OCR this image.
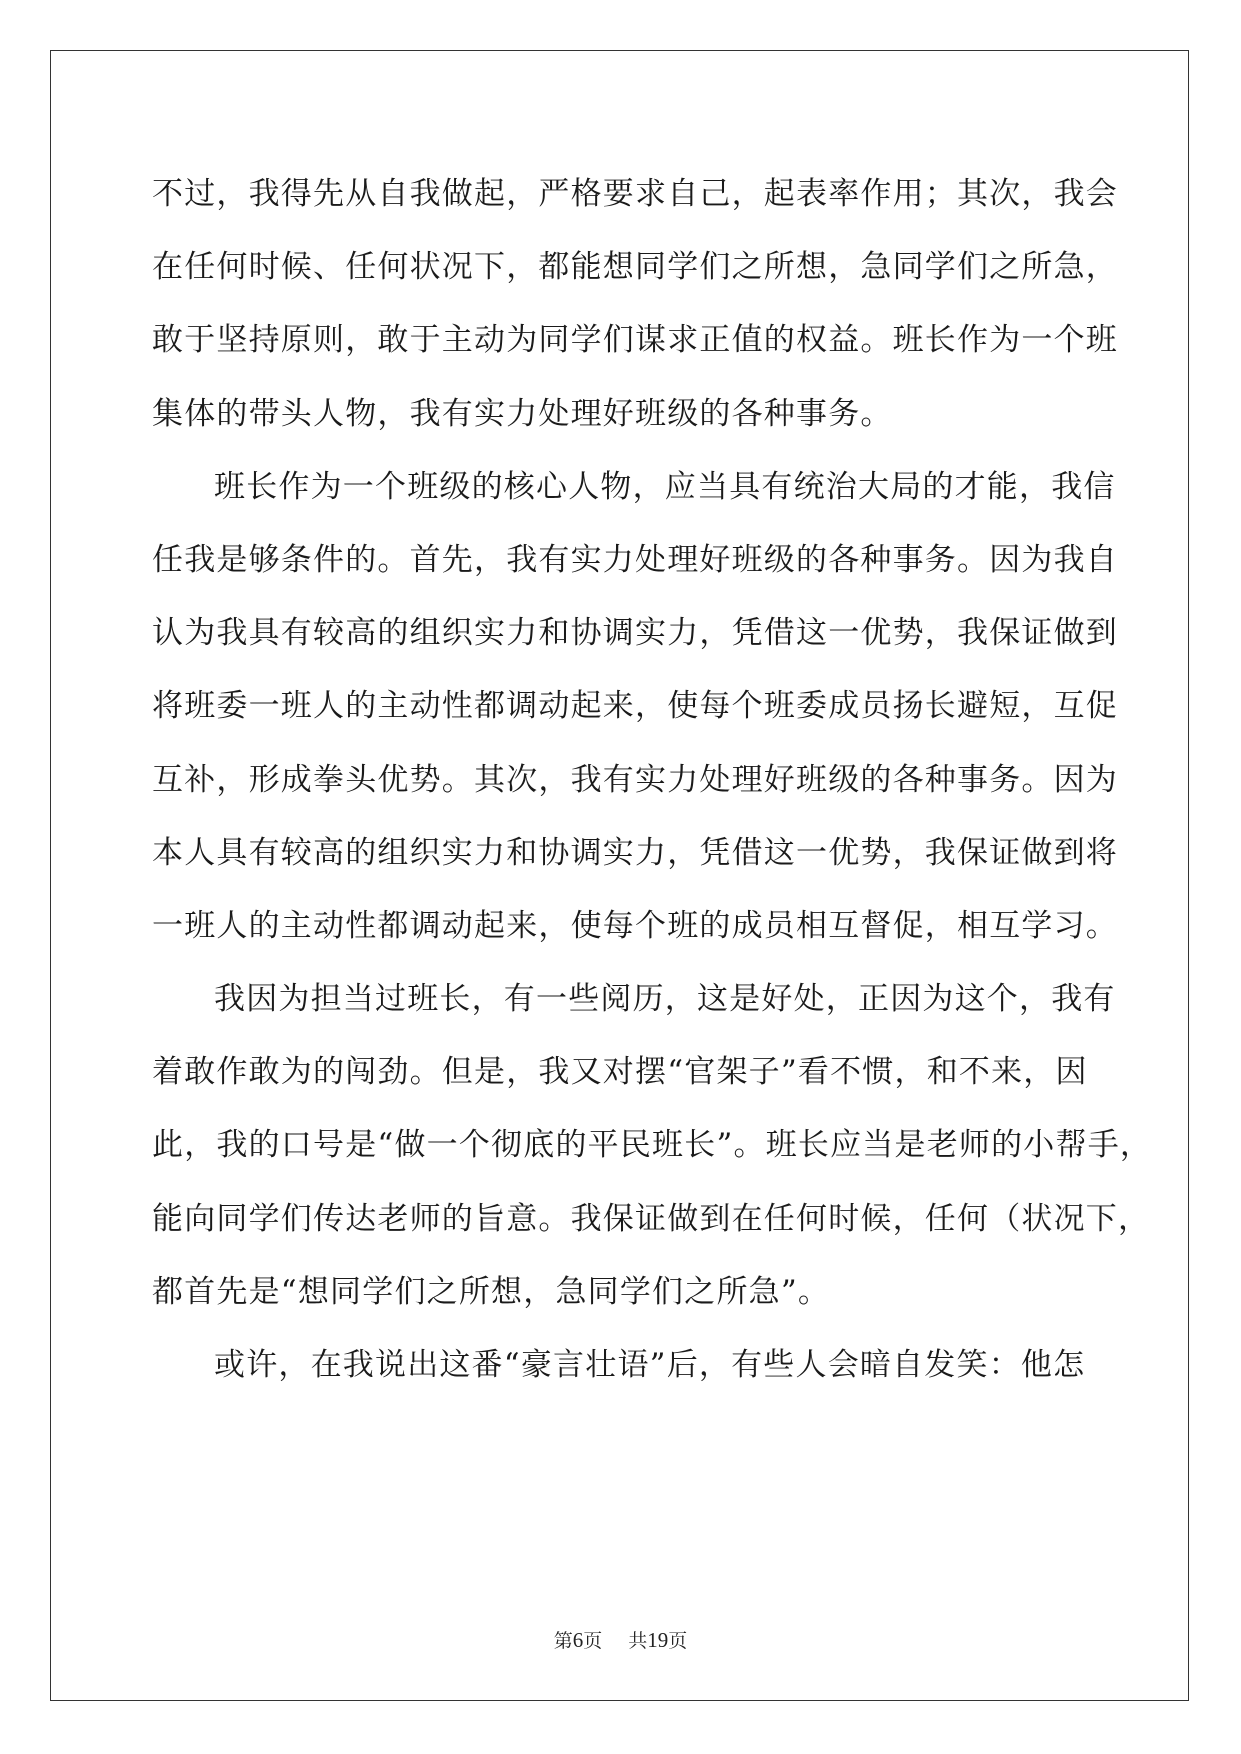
不过，我得先从自我做起，严格要求自己，起表率作用；其次，我会
在任何时候、任何状况下，都能想同学们之所想，急同学们之所急，
敢于坚持原则，敢于主动为同学们谋求正值的权益。班长作为一个班
集体的带头人物，我有实力处理好班级的各种事务。
班长作为一个班级的核心人物，应当具有统治大局的才能，我信
任我是够条件的。首先，我有实力处理好班级的各种事务。因为我自
认为我具有较高的组织实力和协调实力，凭借这一优势，我保证做到
将班委一班人的主动性都调动起来，使每个班委成员扬长避短，互促
互补，形成拳头优势。其次，我有实力处理好班级的各种事务。因为
本人具有较高的组织实力和协调实力，凭借这一优势，我保证做到将
一班人的主动性都调动起来，使每个班的成员相互督促，相互学习。
我因为担当过班长，有一些阅历，这是好处，正因为这个，我有
着敢作敢为的闯劲。但是，我又对摆“官架子”看不惯，和不来，因
此，我的口号是“做一个彻底的平民班长”。班长应当是老师的小帮手，
能向同学们传达老师的旨意。我保证做到在任何时候，任何（状况下，
都首先是“想同学们之所想，急同学们之所急”。
或许，在我说出这番“豪言壮语”后，有些人会暗自发笑：他怎
第6页 共19页
